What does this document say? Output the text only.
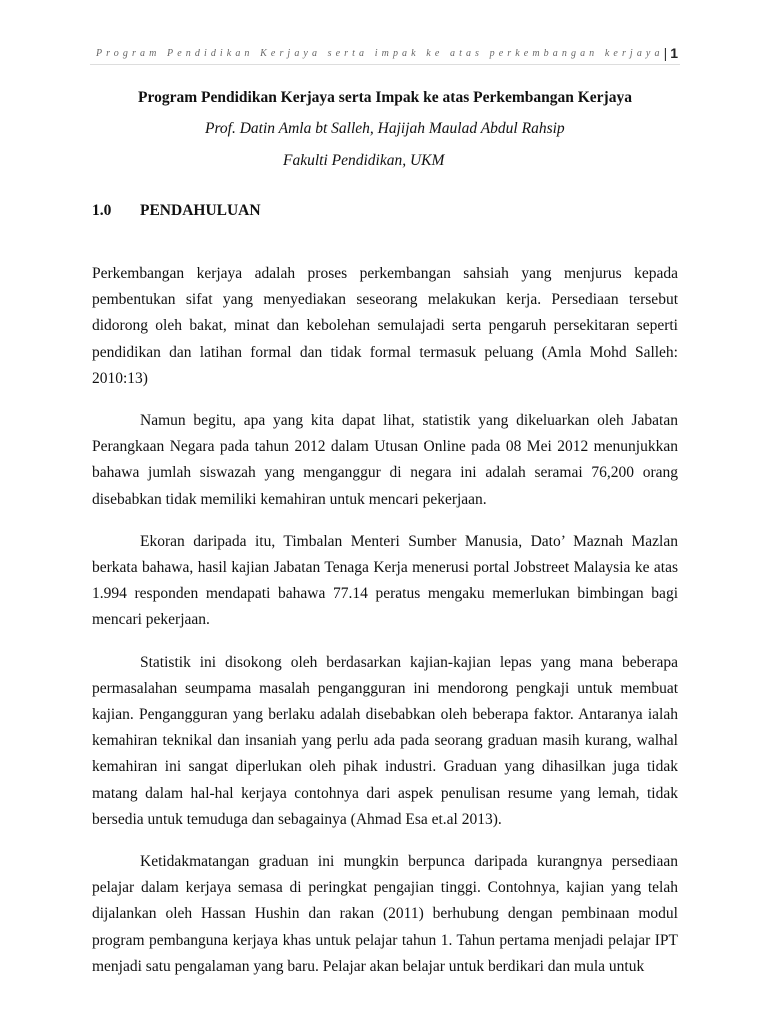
Program Pendidikan Kerjaya serta impak ke atas perkembangan kerjaya | 1
Program Pendidikan Kerjaya serta Impak ke atas Perkembangan Kerjaya
Prof. Datin Amla bt Salleh, Hajijah Maulad Abdul Rahsip
Fakulti Pendidikan, UKM
1.0 PENDAHULUAN

Perkembangan kerjaya adalah proses perkembangan sahsiah yang menjurus kepada pembentukan sifat yang menyediakan seseorang melakukan kerja. Persediaan tersebut didorong oleh bakat, minat dan kebolehan semulajadi serta pengaruh persekitaran seperti pendidikan dan latihan formal dan tidak formal termasuk peluang (Amla Mohd Salleh: 2010:13)

Namun begitu, apa yang kita dapat lihat, statistik yang dikeluarkan oleh Jabatan Perangkaan Negara pada tahun 2012 dalam Utusan Online pada 08 Mei 2012 menunjukkan bahawa jumlah siswazah yang menganggur di negara ini adalah seramai 76,200 orang disebabkan tidak memiliki kemahiran untuk mencari pekerjaan.

Ekoran daripada itu, Timbalan Menteri Sumber Manusia, Dato’ Maznah Mazlan berkata bahawa, hasil kajian Jabatan Tenaga Kerja menerusi portal Jobstreet Malaysia ke atas 1.994 responden mendapati bahawa 77.14 peratus mengaku memerlukan bimbingan bagi mencari pekerjaan.

Statistik ini disokong oleh berdasarkan kajian-kajian lepas yang mana beberapa permasalahan seumpama masalah pengangguran ini mendorong pengkaji untuk membuat kajian. Pengangguran yang berlaku adalah disebabkan oleh beberapa faktor. Antaranya ialah kemahiran teknikal dan insaniah yang perlu ada pada seorang graduan masih kurang, walhal kemahiran ini sangat diperlukan oleh pihak industri. Graduan yang dihasilkan juga tidak matang dalam hal-hal kerjaya contohnya dari aspek penulisan resume yang lemah, tidak bersedia untuk temuduga dan sebagainya (Ahmad Esa et.al 2013).

Ketidakmatangan graduan ini mungkin berpunca daripada kurangnya persediaan pelajar dalam kerjaya semasa di peringkat pengajian tinggi. Contohnya, kajian yang telah dijalankan oleh Hassan Hushin dan rakan (2011) berhubung dengan pembinaan modul program pembanguna kerjaya khas untuk pelajar tahun 1. Tahun pertama menjadi pelajar IPT menjadi satu pengalaman yang baru. Pelajar akan belajar untuk berdikari dan mula untuk
